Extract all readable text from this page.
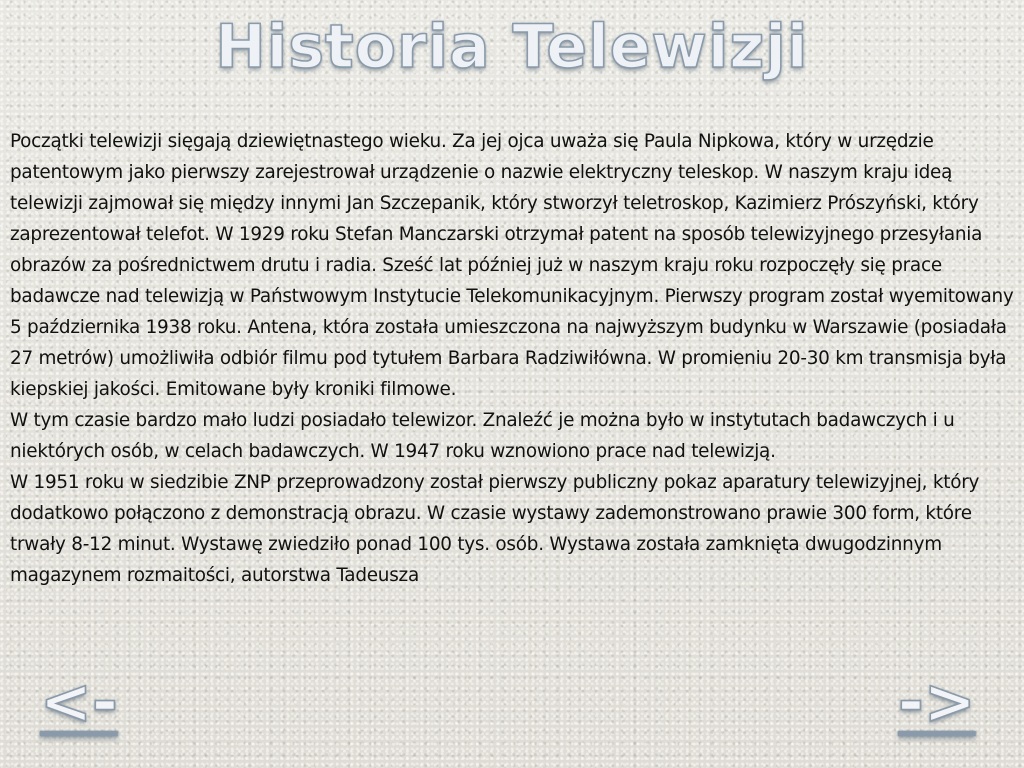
Historia Telewizji

Początki telewizji sięgają dziewiętnastego wieku. Za jej ojca uważa się Paula Nipkowa, który w urzędzie patentowym jako pierwszy zarejestrował urządzenie o nazwie elektryczny teleskop. W naszym kraju ideą telewizji zajmował się między innymi Jan Szczepanik, który stworzył teletroskop, Kazimierz Prószyński, który zaprezentował telefot. W 1929 roku Stefan Manczarski otrzymał patent na sposób telewizyjnego przesyłania obrazów za pośrednictwem drutu i radia. Sześć lat później już w naszym kraju roku rozpoczęły się prace badawcze nad telewizją w Państwowym Instytucie Telekomunikacyjnym. Pierwszy program został wyemitowany 5 października 1938 roku. Antena, która została umieszczona na najwyższym budynku w Warszawie (posiadała 27 metrów) umożliwiła odbiór filmu pod tytułem Barbara Radziwiłówna. W promieniu 20-30 km transmisja była kiepskiej jakości. Emitowane były kroniki filmowe.

W tym czasie bardzo mało ludzi posiadało telewizor. Znaleźć je można było w instytutach badawczych i u niektórych osób, w celach badawczych. W 1947 roku wznowiono prace nad telewizją.

W 1951 roku w siedzibie ZNP przeprowadzony został pierwszy publiczny pokaz aparatury telewizyjnej, który dodatkowo połączono z demonstracją obrazu. W czasie wystawy zademonstrowano prawie 300 form, które trwały 8-12 minut. Wystawę zwiedziło ponad 100 tys. osób. Wystawa została zamknięta dwugodzinnym magazynem rozmaitości, autorstwa Tadeusza

<-	->
